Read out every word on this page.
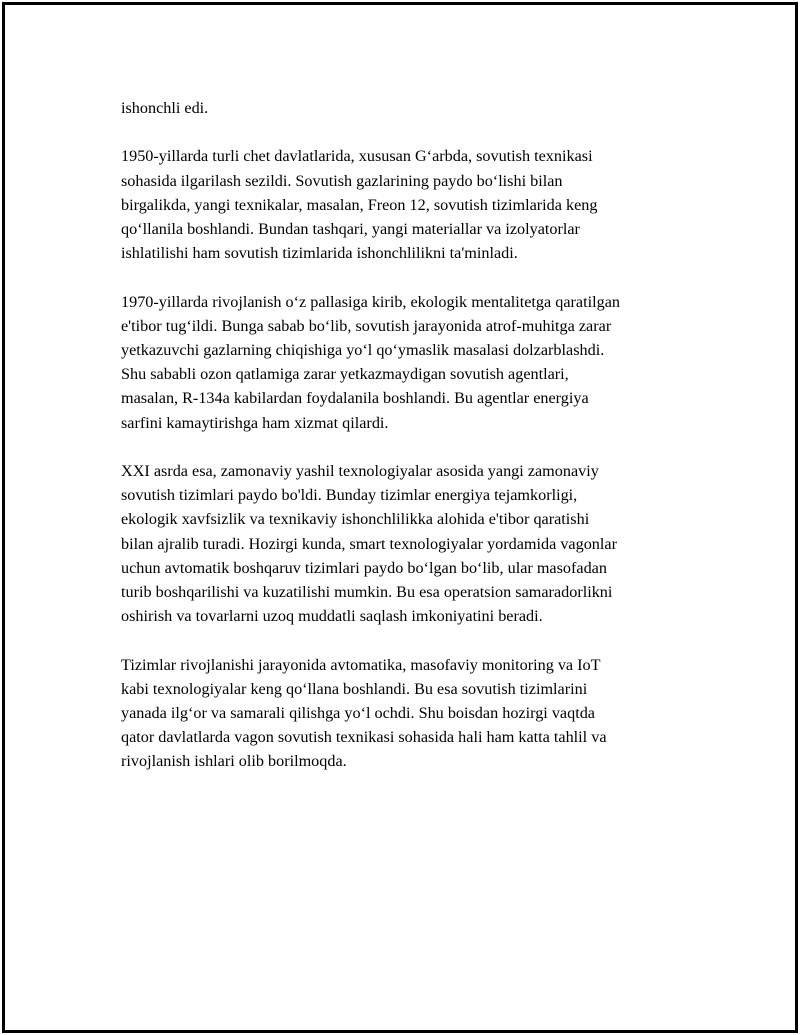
ishonchli edi.

1950-yillarda turli chet davlatlarida, xususan G‘arbda, sovutish texnikasi
sohasida ilgarilash sezildi. Sovutish gazlarining paydo bo‘lishi bilan
birgalikda, yangi texnikalar, masalan, Freon 12, sovutish tizimlarida keng
qo‘llanila boshlandi. Bundan tashqari, yangi materiallar va izolyatorlar
ishlatilishi ham sovutish tizimlarida ishonchlilikni ta'minladi.

1970-yillarda rivojlanish o‘z pallasiga kirib, ekologik mentalitetga qaratilgan
e'tibor tug‘ildi. Bunga sabab bo‘lib, sovutish jarayonida atrof-muhitga zarar
yetkazuvchi gazlarning chiqishiga yo‘l qo‘ymaslik masalasi dolzarblashdi.
Shu sababli ozon qatlamiga zarar yetkazmaydigan sovutish agentlari,
masalan, R-134a kabilardan foydalanila boshlandi. Bu agentlar energiya
sarfini kamaytirishga ham xizmat qilardi.

XXI asrda esa, zamonaviy yashil texnologiyalar asosida yangi zamonaviy
sovutish tizimlari paydo bo'ldi. Bunday tizimlar energiya tejamkorligi,
ekologik xavfsizlik va texnikaviy ishonchlilikka alohida e'tibor qaratishi
bilan ajralib turadi. Hozirgi kunda, smart texnologiyalar yordamida vagonlar
uchun avtomatik boshqaruv tizimlari paydo bo‘lgan bo‘lib, ular masofadan
turib boshqarilishi va kuzatilishi mumkin. Bu esa operatsion samaradorlikni
oshirish va tovarlarni uzoq muddatli saqlash imkoniyatini beradi.

Tizimlar rivojlanishi jarayonida avtomatika, masofaviy monitoring va IoT
kabi texnologiyalar keng qo‘llana boshlandi. Bu esa sovutish tizimlarini
yanada ilg‘or va samarali qilishga yo‘l ochdi. Shu boisdan hozirgi vaqtda
qator davlatlarda vagon sovutish texnikasi sohasida hali ham katta tahlil va
rivojlanish ishlari olib borilmoqda.
